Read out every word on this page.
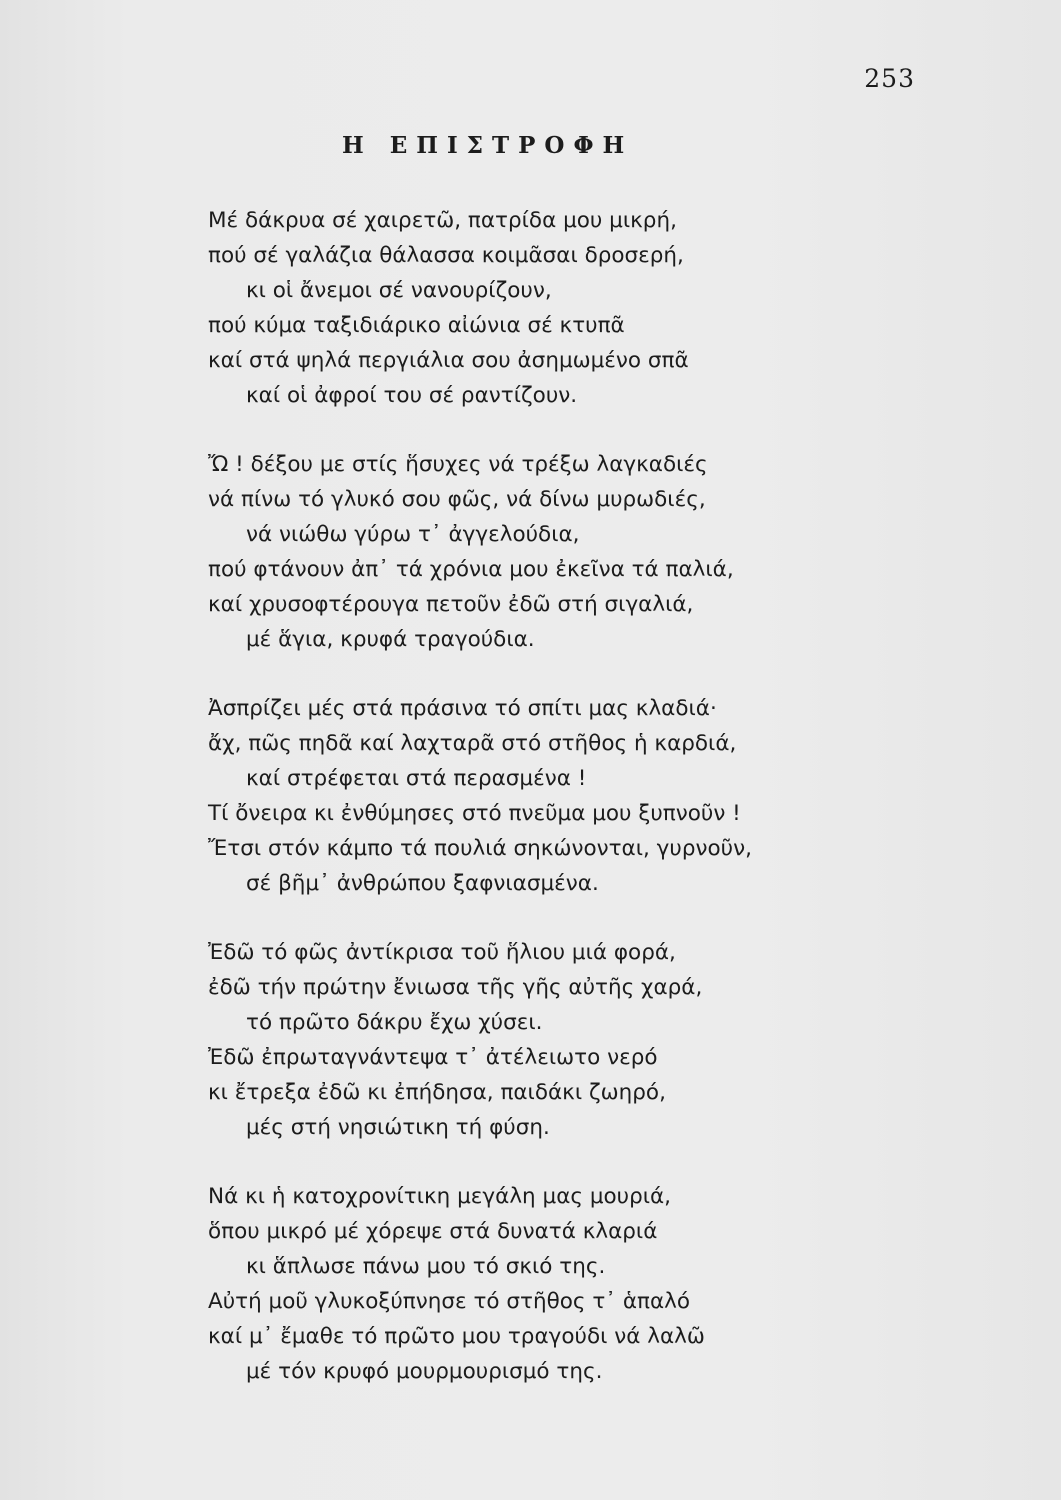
253
Η ΕΠΙΣΤΡΟΦΗ
Μέ δάκρυα σέ χαιρετῶ, πατρίδα μου μικρή,
πού σέ γαλάζια θάλασσα κοιμᾶσαι δροσερή,
κι οἱ ἄνεμοι σέ νανουρίζουν,
πού κύμα ταξιδιάρικο αἰώνια σέ κτυπᾶ
καί στά ψηλά περγιάλια σου ἀσημωμένο σπᾶ
καί οἱ ἀφροί του σέ ραντίζουν.
Ὤ ! δέξου με στίς ἥσυχες νά τρέξω λαγκαδιές
νά πίνω τό γλυκό σου φῶς, νά δίνω μυρωδιές,
νά νιώθω γύρω τ᾽ ἀγγελούδια,
πού φτάνουν ἀπ᾽ τά χρόνια μου ἐκεῖνα τά παλιά,
καί χρυσοφτέρουγα πετοῦν ἐδῶ στή σιγαλιά,
μέ ἅγια, κρυφά τραγούδια.
Ἀσπρίζει μές στά πράσινα τό σπίτι μας κλαδιά·
ἄχ, πῶς πηδᾶ καί λαχταρᾶ στό στῆθος ἡ καρδιά,
καί στρέφεται στά περασμένα !
Τί ὄνειρα κι ἐνθύμησες στό πνεῦμα μου ξυπνοῦν !
Ἔτσι στόν κάμπο τά πουλιά σηκώνονται, γυρνοῦν,
σέ βῆμ᾽ ἀνθρώπου ξαφνιασμένα.
Ἐδῶ τό φῶς ἀντίκρισα τοῦ ἥλιου μιά φορά,
ἐδῶ τήν πρώτην ἔνιωσα τῆς γῆς αὐτῆς χαρά,
τό πρῶτο δάκρυ ἔχω χύσει.
Ἐδῶ ἐπρωταγνάντεψα τ᾽ ἀτέλειωτο νερό
κι ἔτρεξα ἐδῶ κι ἐπήδησα, παιδάκι ζωηρό,
μές στή νησιώτικη τή φύση.
Νά κι ἡ κατοχρονίτικη μεγάλη μας μουριά,
ὅπου μικρό μέ χόρεψε στά δυνατά κλαριά
κι ἅπλωσε πάνω μου τό σκιό της.
Αὐτή μοῦ γλυκοξύπνησε τό στῆθος τ᾽ ἁπαλό
καί μ᾽ ἔμαθε τό πρῶτο μου τραγούδι νά λαλῶ
μέ τόν κρυφό μουρμουρισμό της.
